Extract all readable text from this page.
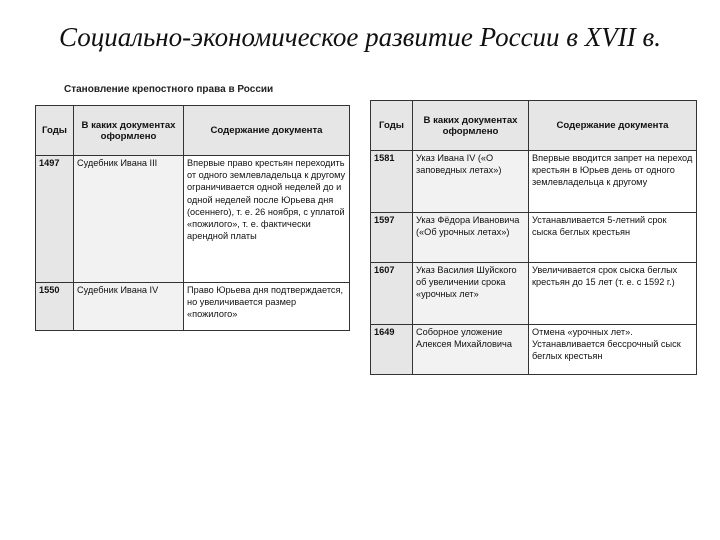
Социально-экономическое развитие России в XVII в.
Становление крепостного права в России
Годы	В каких документах оформлено	Содержание документа
1497	Судебник Ивана III	Впервые право крестьян переходить от одного землевладельца к другому ограничивается одной неделей до и одной неделей после Юрьева дня (осеннего), т. е. 26 ноября, с уплатой «пожилого», т. е. фактически арендной платы
1550	Судебник Ивана IV	Право Юрьева дня подтверждается, но увеличивается размер «пожилого»
Годы	В каких документах оформлено	Содержание документа
1581	Указ Ивана IV («О заповедных летах»)	Впервые вводится запрет на переход крестьян в Юрьев день от одного землевладельца к другому
1597	Указ Фёдора Ивановича («Об урочных летах»)	Устанавливается 5-летний срок сыска беглых крестьян
1607	Указ Василия Шуйского об увеличении срока «урочных лет»	Увеличивается срок сыска беглых крестьян до 15 лет (т. е. с 1592 г.)
1649	Соборное уложение Алексея Михайловича	Отмена «урочных лет». Устанавливается бессрочный сыск беглых крестьян
